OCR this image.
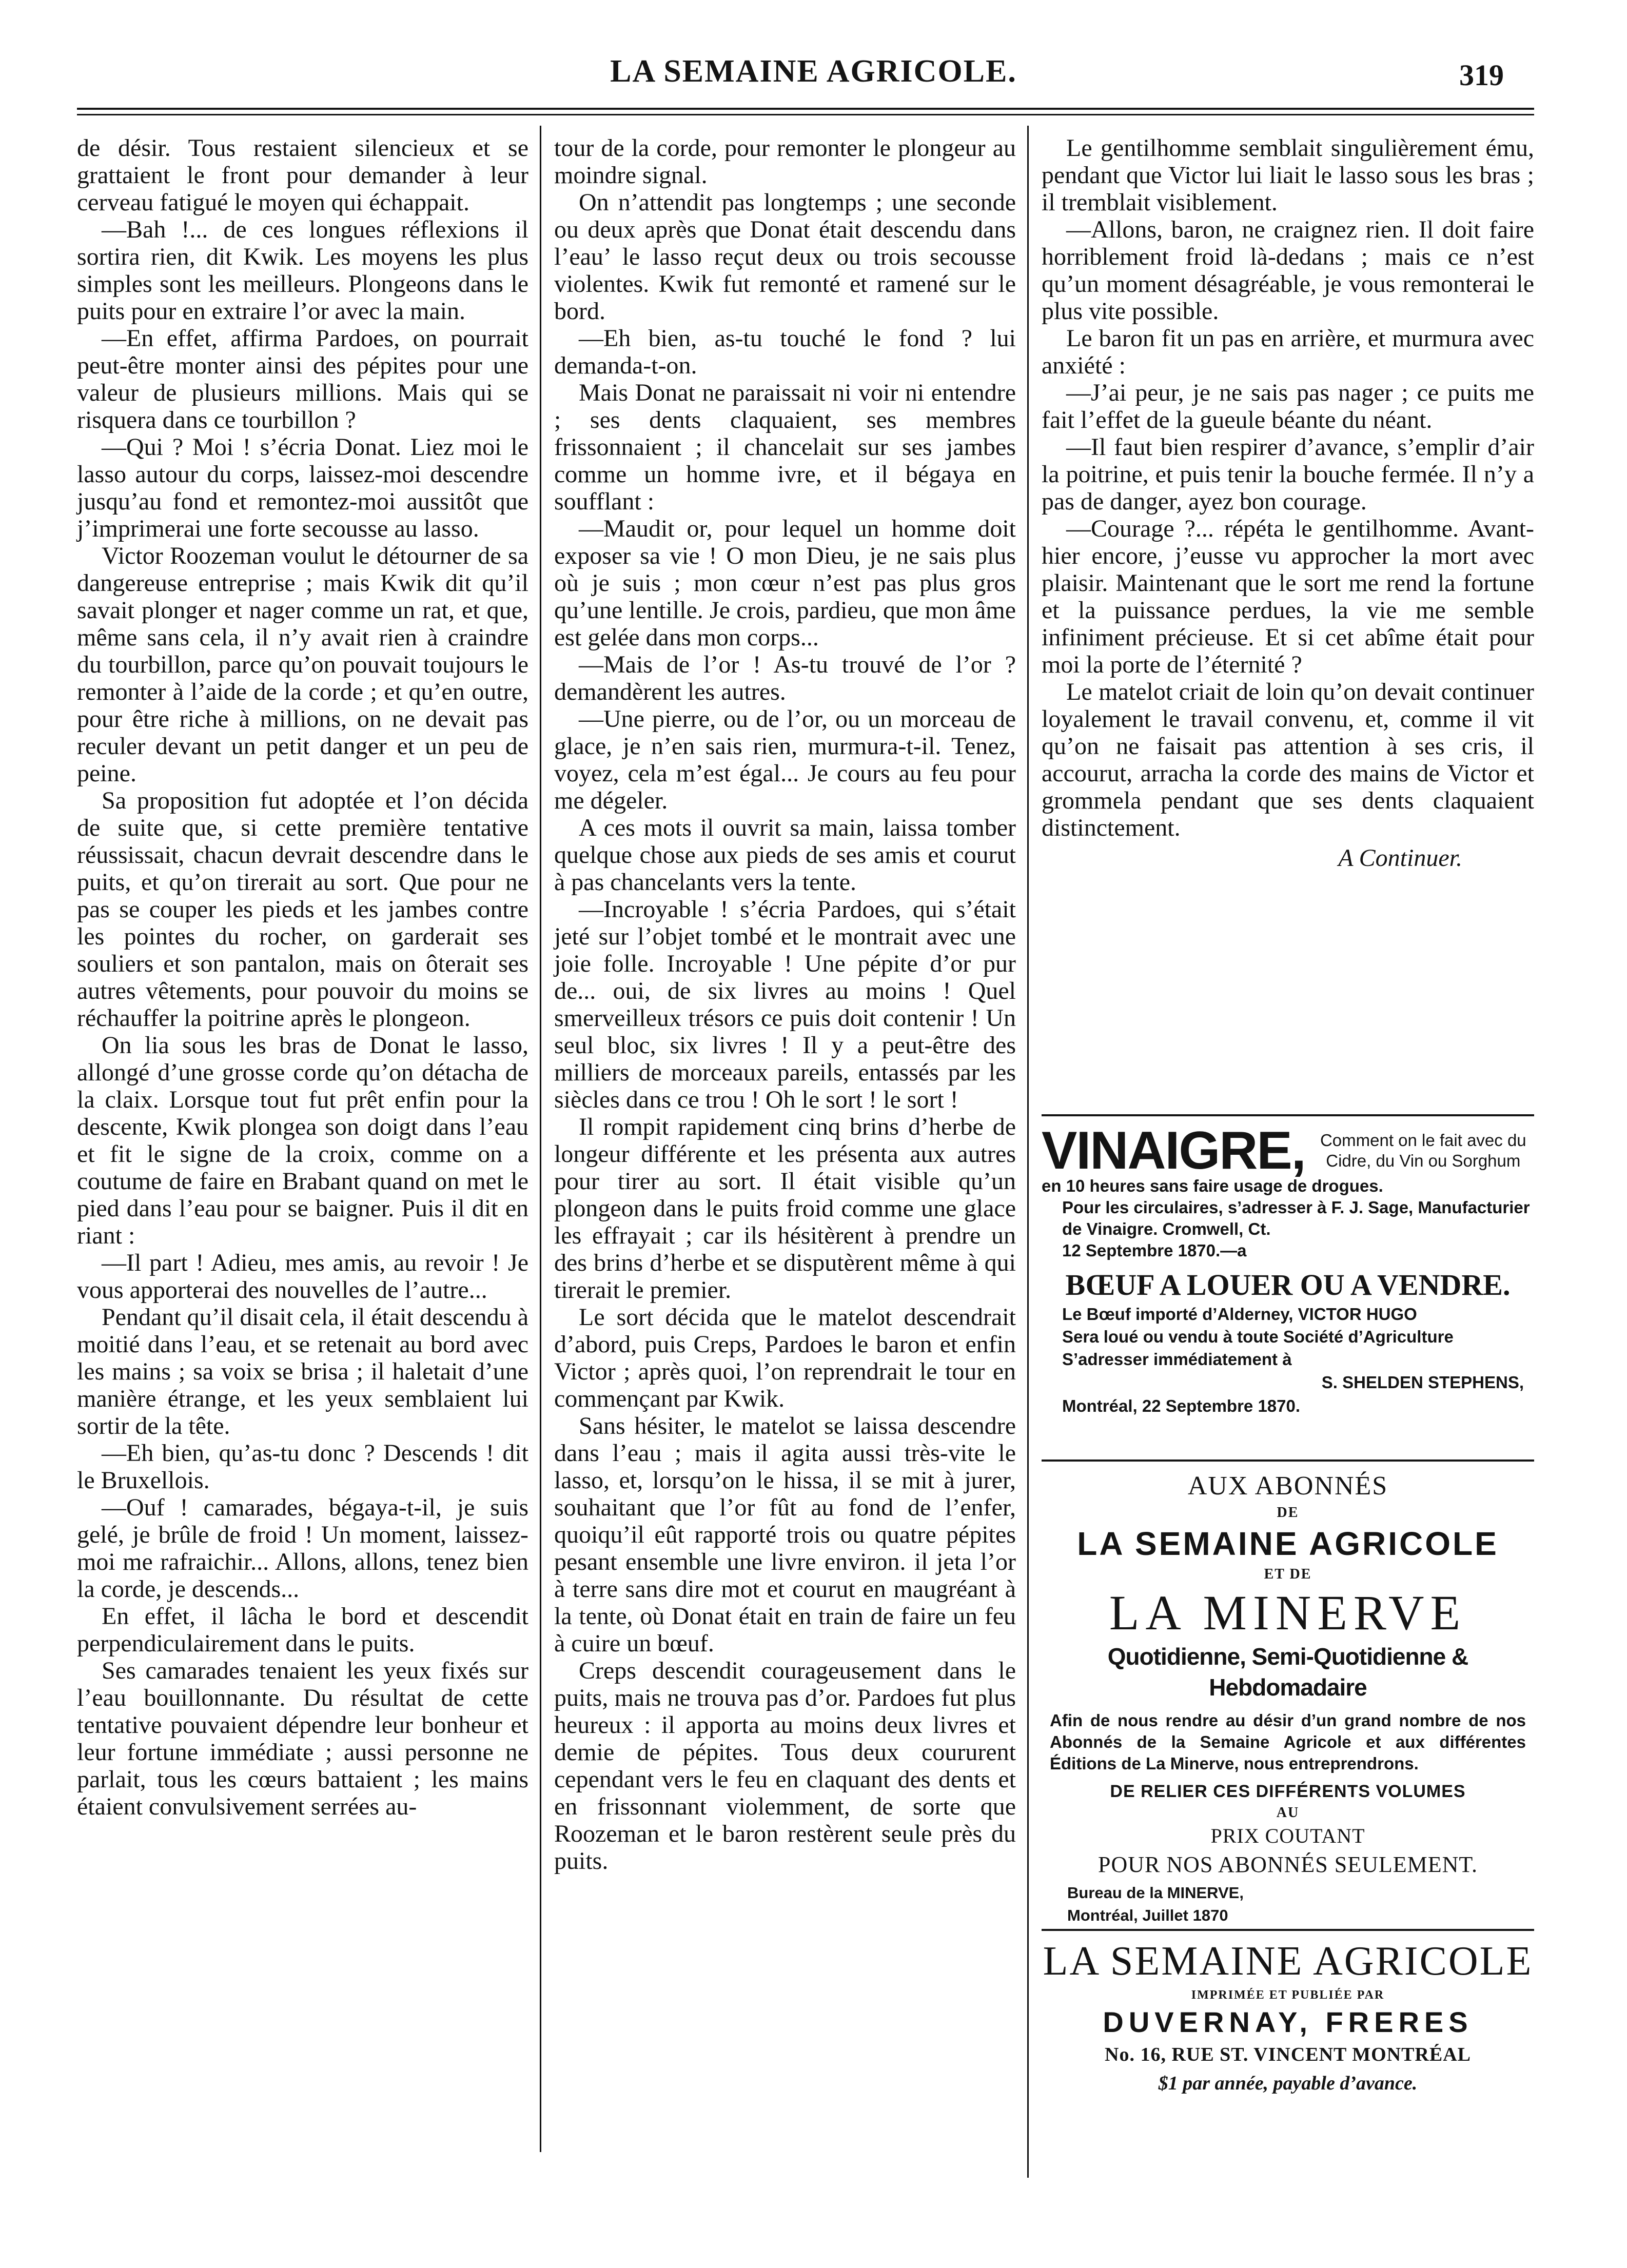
LA SEMAINE AGRICOLE.	319

de désir. Tous restaient silencieux et se grattaient le front pour demander à leur cerveau fatigué le moyen qui échappait.

—Bah !... de ces longues réflexions il sortira rien, dit Kwik. Les moyens les plus simples sont les meilleurs. Plongeons dans le puits pour en extraire l’or avec la main.

—En effet, affirma Pardoes, on pourrait peut-être monter ainsi des pépites pour une valeur de plusieurs millions. Mais qui se risquera dans ce tourbillon ?

—Qui ? Moi ! s’écria Donat. Liez moi le lasso autour du corps, laissez-moi descendre jusqu’au fond et remontez-moi aussitôt que j’imprimerai une forte secousse au lasso.

Victor Roozeman voulut le détourner de sa dangereuse entreprise ; mais Kwik dit qu’il savait plonger et nager comme un rat, et que, même sans cela, il n’y avait rien à craindre du tourbillon, parce qu’on pouvait toujours le remonter à l’aide de la corde ; et qu’en outre, pour être riche à millions, on ne devait pas reculer devant un petit danger et un peu de peine.

Sa proposition fut adoptée et l’on décida de suite que, si cette première tentative réussissait, chacun devrait descendre dans le puits, et qu’on tirerait au sort. Que pour ne pas se couper les pieds et les jambes contre les pointes du rocher, on garderait ses souliers et son pantalon, mais on ôterait ses autres vêtements, pour pouvoir du moins se réchauffer la poitrine après le plongeon.

On lia sous les bras de Donat le lasso, allongé d’une grosse corde qu’on détacha de la claix. Lorsque tout fut prêt enfin pour la descente, Kwik plongea son doigt dans l’eau et fit le signe de la croix, comme on a coutume de faire en Brabant quand on met le pied dans l’eau pour se baigner. Puis il dit en riant :

—Il part ! Adieu, mes amis, au revoir ! Je vous apporterai des nouvelles de l’autre...

Pendant qu’il disait cela, il était descendu à moitié dans l’eau, et se retenait au bord avec les mains ; sa voix se brisa ; il haletait d’une manière étrange, et les yeux semblaient lui sortir de la tête.

—Eh bien, qu’as-tu donc ? Descends ! dit le Bruxellois.

—Ouf ! camarades, bégaya-t-il, je suis gelé, je brûle de froid ! Un moment, laissez-moi me rafraichir... Allons, allons, tenez bien la corde, je descends...

En effet, il lâcha le bord et descendit perpendiculairement dans le puits.

Ses camarades tenaient les yeux fixés sur l’eau bouillonnante. Du résultat de cette tentative pouvaient dépendre leur bonheur et leur fortune immédiate ; aussi personne ne parlait, tous les cœurs battaient ; les mains étaient convulsivement serrées au-

tour de la corde, pour remonter le plongeur au moindre signal.

On n’attendit pas longtemps ; une seconde ou deux après que Donat était descendu dans l’eau’ le lasso reçut deux ou trois secousse violentes. Kwik fut remonté et ramené sur le bord.

—Eh bien, as-tu touché le fond ? lui demanda-t-on.

Mais Donat ne paraissait ni voir ni entendre ; ses dents claquaient, ses membres frissonnaient ; il chancelait sur ses jambes comme un homme ivre, et il bégaya en soufflant :

—Maudit or, pour lequel un homme doit exposer sa vie ! O mon Dieu, je ne sais plus où je suis ; mon cœur n’est pas plus gros qu’une lentille. Je crois, pardieu, que mon âme est gelée dans mon corps...

—Mais de l’or ! As-tu trouvé de l’or ? demandèrent les autres.

—Une pierre, ou de l’or, ou un morceau de glace, je n’en sais rien, murmura-t-il. Tenez, voyez, cela m’est égal... Je cours au feu pour me dégeler.

A ces mots il ouvrit sa main, laissa tomber quelque chose aux pieds de ses amis et courut à pas chancelants vers la tente.

—Incroyable ! s’écria Pardoes, qui s’était jeté sur l’objet tombé et le montrait avec une joie folle. Incroyable ! Une pépite d’or pur de... oui, de six livres au moins ! Quel smerveilleux trésors ce puis doit contenir ! Un seul bloc, six livres ! Il y a peut-être des milliers de morceaux pareils, entassés par les siècles dans ce trou ! Oh le sort ! le sort !

Il rompit rapidement cinq brins d’herbe de longeur différente et les présenta aux autres pour tirer au sort. Il était visible qu’un plongeon dans le puits froid comme une glace les effrayait ; car ils hésitèrent à prendre un des brins d’herbe et se disputèrent même à qui tirerait le premier.

Le sort décida que le matelot descendrait d’abord, puis Creps, Pardoes le baron et enfin Victor ; après quoi, l’on reprendrait le tour en commençant par Kwik.

Sans hésiter, le matelot se laissa descendre dans l’eau ; mais il agita aussi très-vite le lasso, et, lorsqu’on le hissa, il se mit à jurer, souhaitant que l’or fût au fond de l’enfer, quoiqu’il eût rapporté trois ou quatre pépites pesant ensemble une livre environ. il jeta l’or à terre sans dire mot et courut en maugréant à la tente, où Donat était en train de faire un feu à cuire un bœuf.

Creps descendit courageusement dans le puits, mais ne trouva pas d’or. Pardoes fut plus heureux : il apporta au moins deux livres et demie de pépites. Tous deux coururent cependant vers le feu en claquant des dents et en frissonnant violemment, de sorte que Roozeman et le baron restèrent seule près du puits.

Le gentilhomme semblait singulièrement ému, pendant que Victor lui liait le lasso sous les bras ; il tremblait visiblement.

—Allons, baron, ne craignez rien. Il doit faire horriblement froid là-dedans ; mais ce n’est qu’un moment désagréable, je vous remonterai le plus vite possible.

Le baron fit un pas en arrière, et murmura avec anxiété :

—J’ai peur, je ne sais pas nager ; ce puits me fait l’effet de la gueule béante du néant.

—Il faut bien respirer d’avance, s’emplir d’air la poitrine, et puis tenir la bouche fermée. Il n’y a pas de danger, ayez bon courage.

—Courage ?... répéta le gentilhomme. Avant-hier encore, j’eusse vu approcher la mort avec plaisir. Maintenant que le sort me rend la fortune et la puissance perdues, la vie me semble infiniment précieuse. Et si cet abîme était pour moi la porte de l’éternité ?

Le matelot criait de loin qu’on devait continuer loyalement le travail convenu, et, comme il vit qu’on ne faisait pas attention à ses cris, il accourut, arracha la corde des mains de Victor et grommela pendant que ses dents claquaient distinctement.

A Continuer.

VINAIGRE, Comment on le fait avec du Cidre, du Vin ou Sorghum
en 10 heures sans faire usage de drogues.
Pour les circulaires, s’adresser à F. J. Sage, Manufacturier de Vinaigre. Cromwell, Ct.
12 Septembre 1870.—a
BŒUF A LOUER OU A VENDRE.
Le Bœuf importé d’Alderney, VICTOR HUGO
Sera loué ou vendu à toute Société d’Agriculture
S’adresser immédiatement à
S. SHELDEN STEPHENS,
Montréal, 22 Septembre 1870.
AUX ABONNÉS
DE
LA SEMAINE AGRICOLE
ET DE
LA MINERVE
Quotidienne, Semi-Quotidienne & Hebdomadaire
Afin de nous rendre au désir d’un grand nombre de nos Abonnés de la Semaine Agricole et aux différentes Éditions de La Minerve, nous entreprendrons.
DE RELIER CES DIFFÉRENTS VOLUMES
AU
PRIX COUTANT
POUR NOS ABONNÉS SEULEMENT.
Bureau de la MINERVE,
Montréal, Juillet 1870
LA SEMAINE AGRICOLE
IMPRIMÉE ET PUBLIÉE PAR
DUVERNAY, FRERES
No. 16, RUE ST. VINCENT MONTRÉAL
$1 par année, payable d’avance.
